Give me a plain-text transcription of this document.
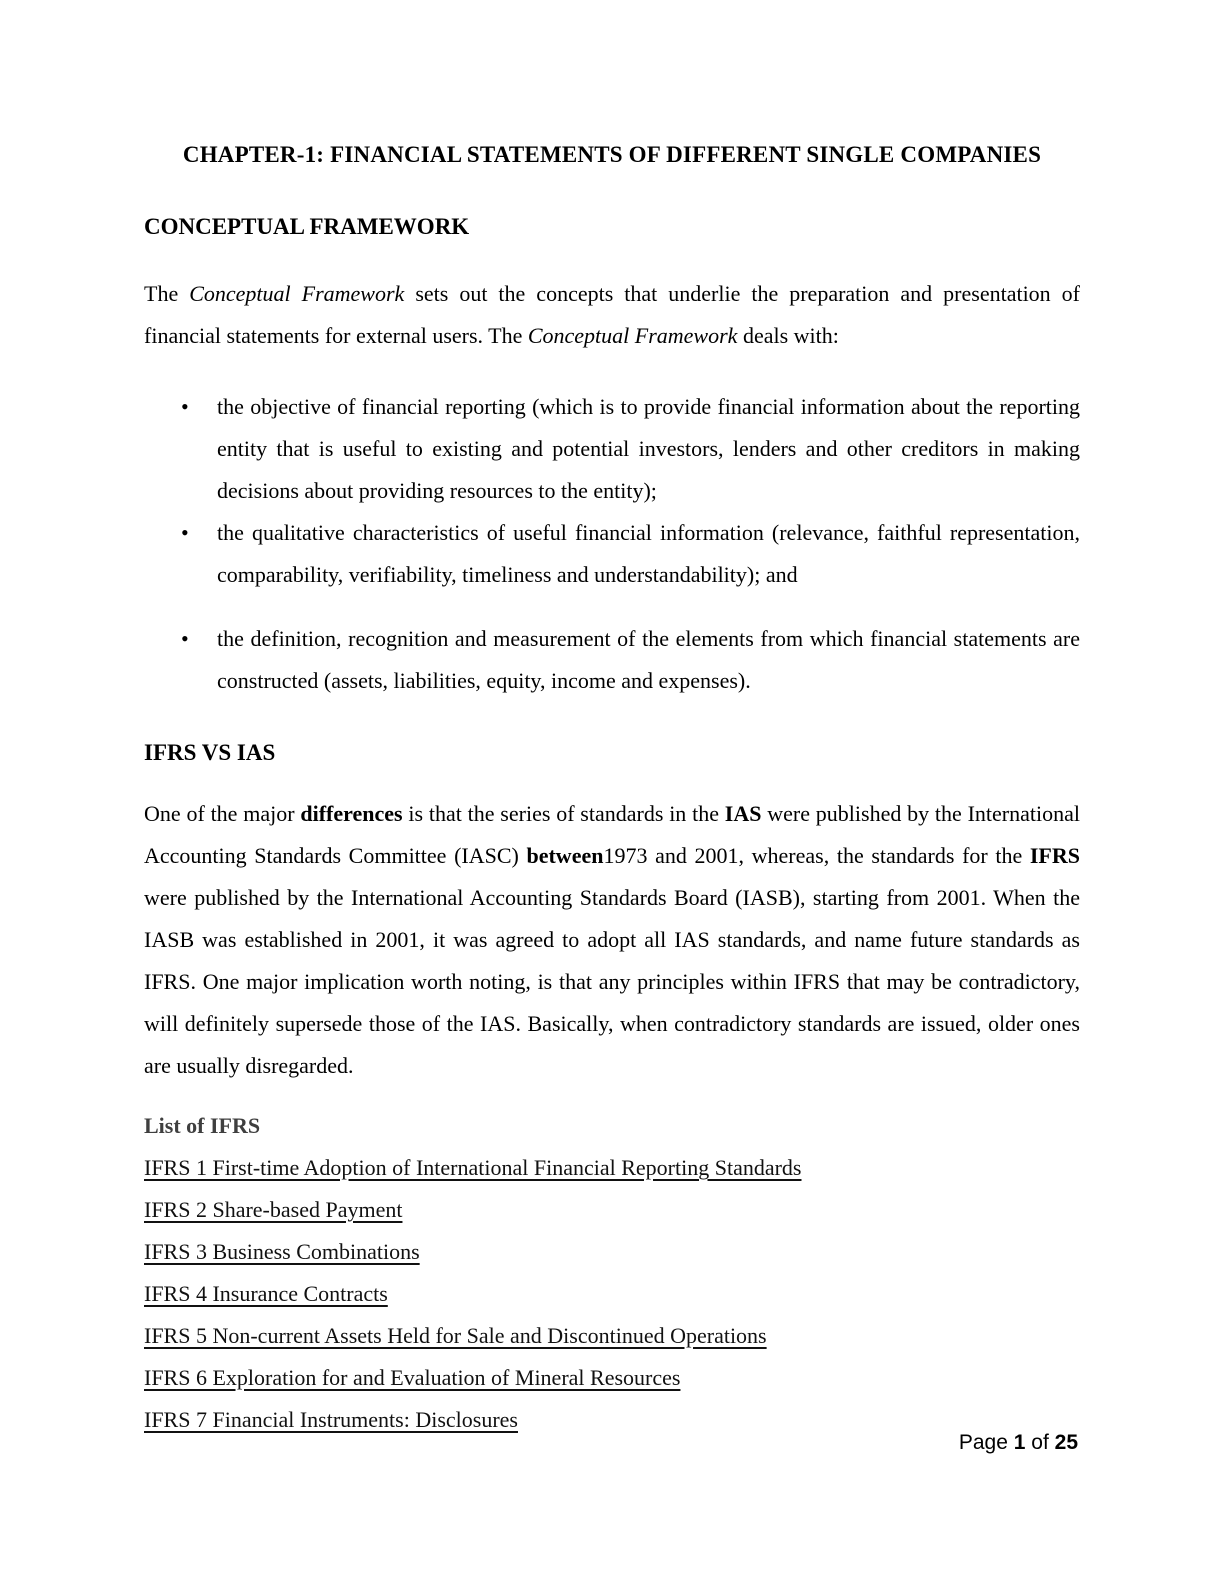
CHAPTER-1: FINANCIAL STATEMENTS OF DIFFERENT SINGLE COMPANIES
CONCEPTUAL FRAMEWORK

The Conceptual Framework sets out the concepts that underlie the preparation and presentation of financial statements for external users. The Conceptual Framework deals with:

• the objective of financial reporting (which is to provide financial information about the reporting entity that is useful to existing and potential investors, lenders and other creditors in making decisions about providing resources to the entity);
• the qualitative characteristics of useful financial information (relevance, faithful representation, comparability, verifiability, timeliness and understandability); and
• the definition, recognition and measurement of the elements from which financial statements are constructed (assets, liabilities, equity, income and expenses).
IFRS VS IAS

One of the major differences is that the series of standards in the IAS were published by the International Accounting Standards Committee (IASC) between1973 and 2001, whereas, the standards for the IFRS were published by the International Accounting Standards Board (IASB), starting from 2001. When the IASB was established in 2001, it was agreed to adopt all IAS standards, and name future standards as IFRS. One major implication worth noting, is that any principles within IFRS that may be contradictory, will definitely supersede those of the IAS. Basically, when contradictory standards are issued, older ones are usually disregarded.

List of IFRS
IFRS 1 First-time Adoption of International Financial Reporting Standards
IFRS 2 Share-based Payment
IFRS 3 Business Combinations
IFRS 4 Insurance Contracts
IFRS 5 Non-current Assets Held for Sale and Discontinued Operations
IFRS 6 Exploration for and Evaluation of Mineral Resources
IFRS 7 Financial Instruments: Disclosures
Page 1 of 25
